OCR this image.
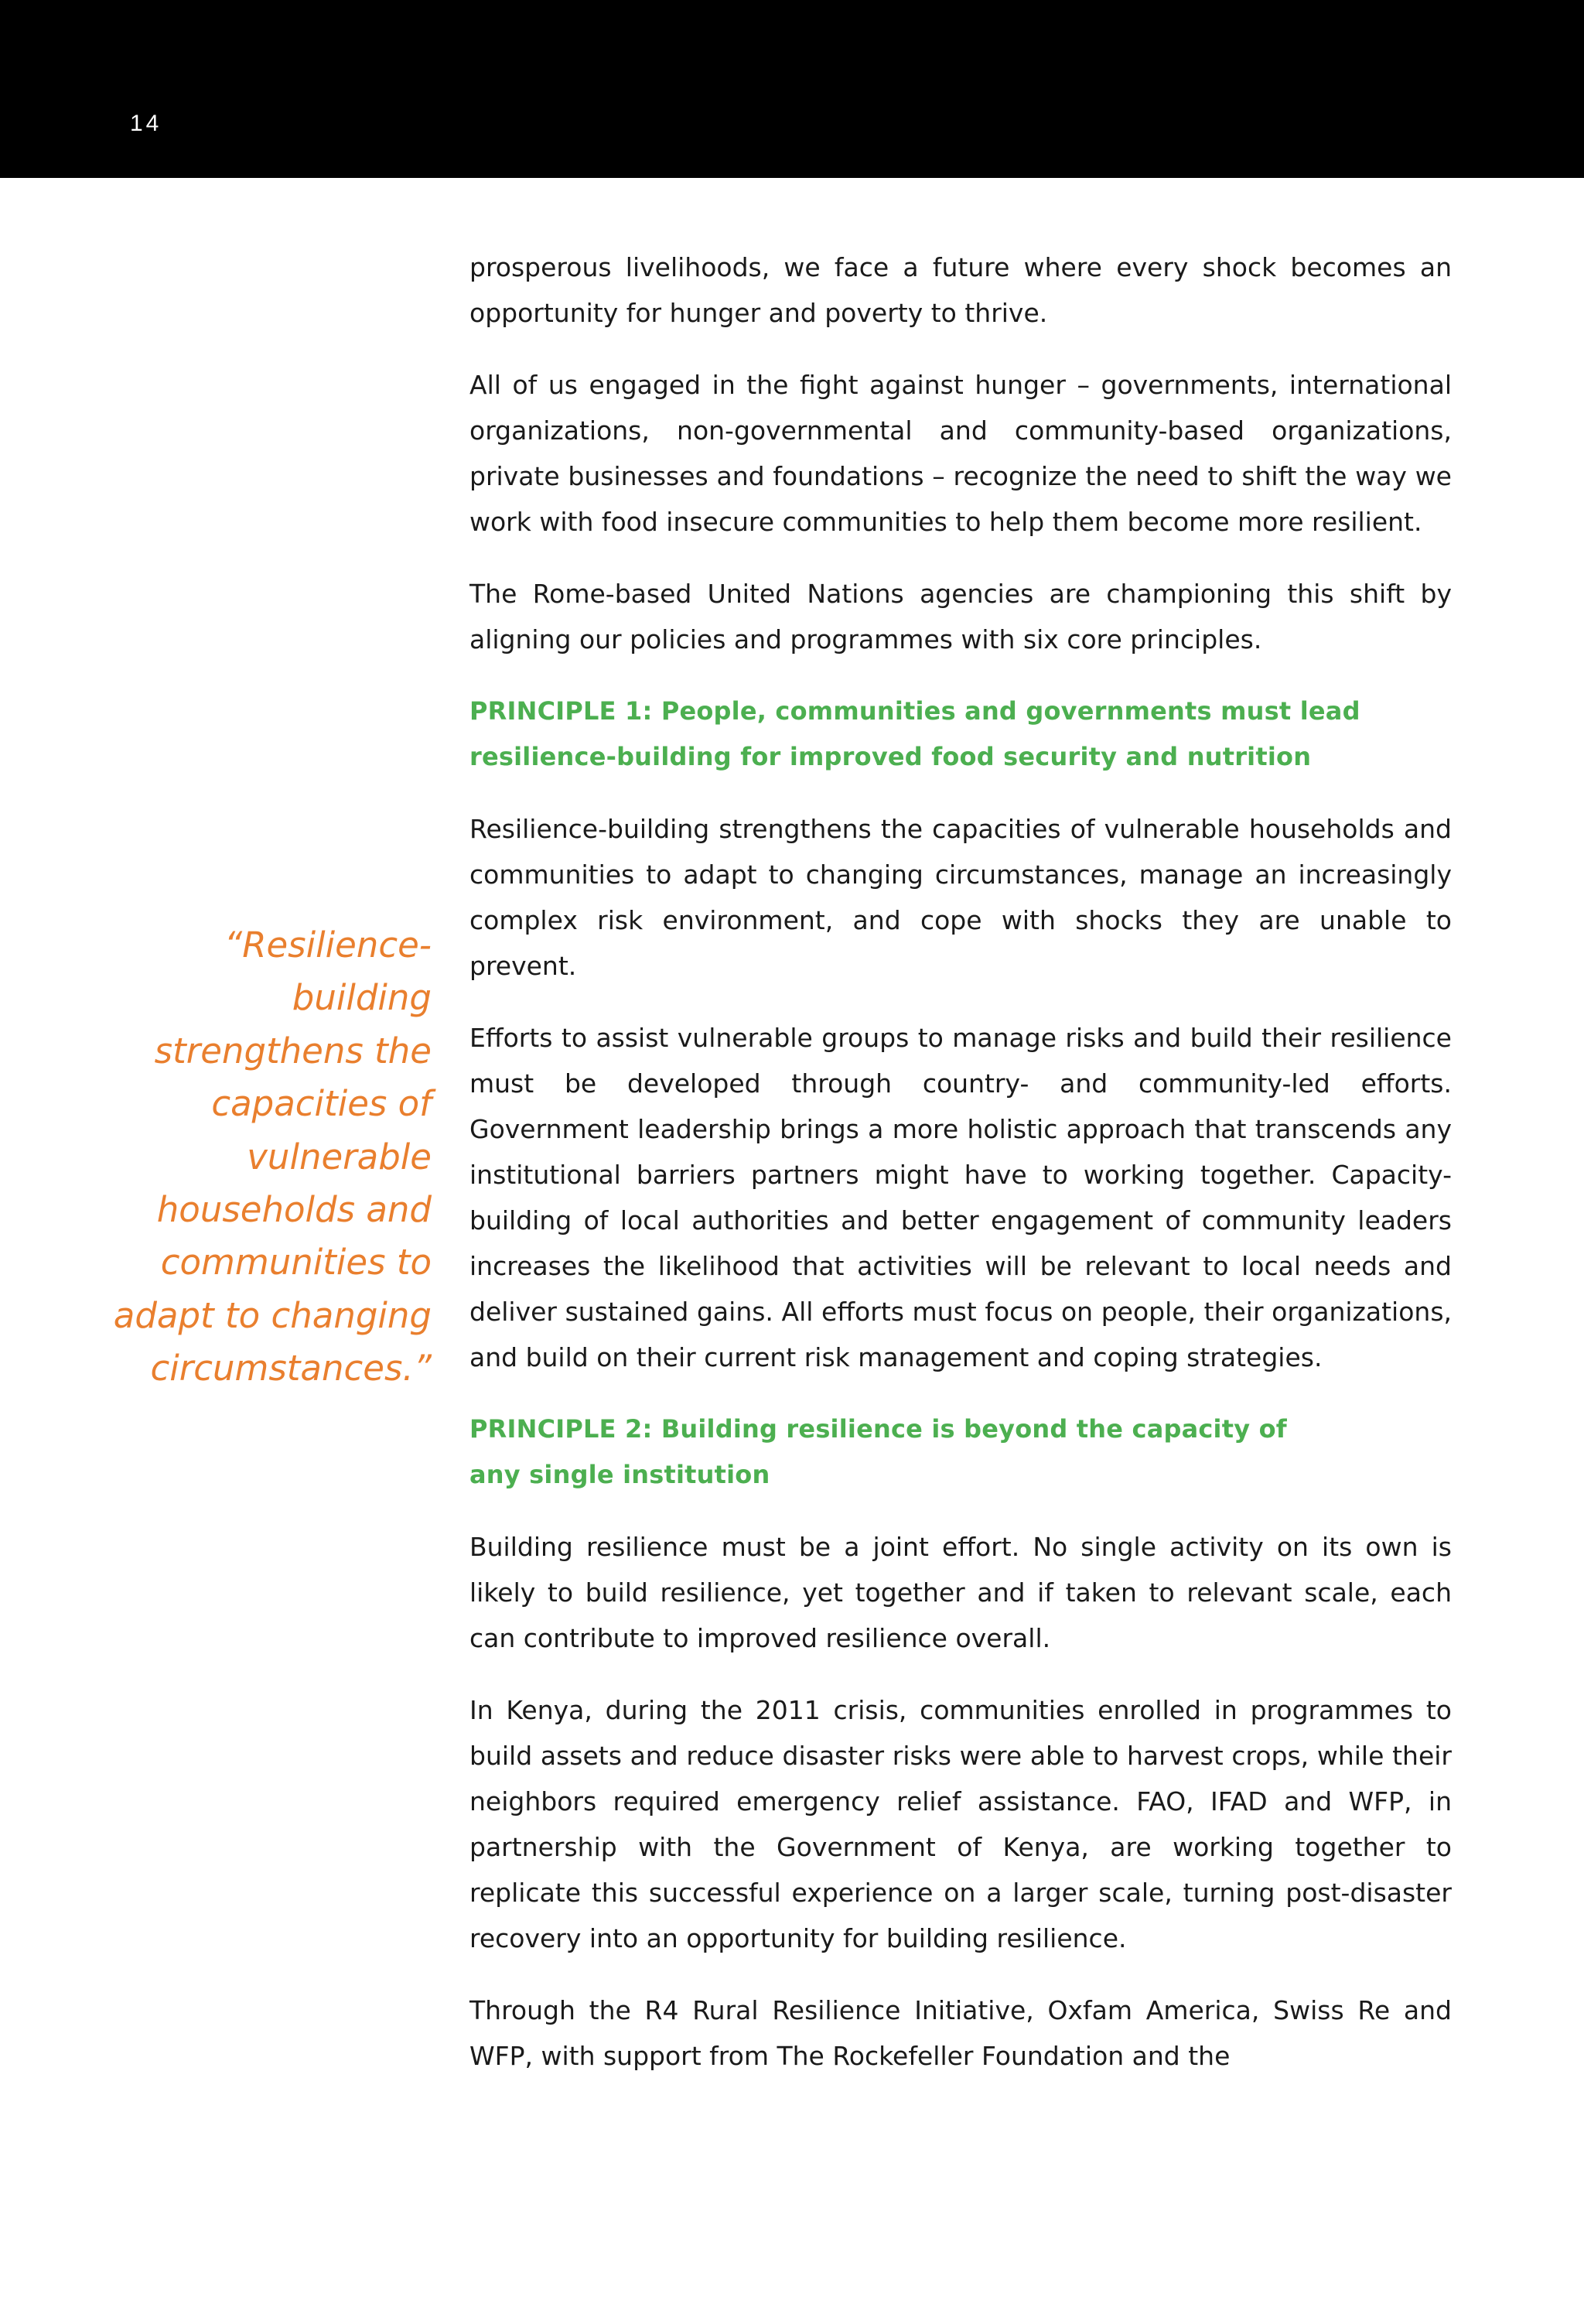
14
“Resilience-building strengthens the capacities of vulnerable households and communities to adapt to changing circumstances.”

prosperous livelihoods, we face a future where every shock becomes an opportunity for hunger and poverty to thrive.

All of us engaged in the fight against hunger – governments, international organizations, non-governmental and community-based organizations, private businesses and foundations – recognize the need to shift the way we work with food insecure communities to help them become more resilient.

The Rome-based United Nations agencies are championing this shift by aligning our policies and programmes with six core principles.

PRINCIPLE 1: People, communities and governments must lead
resilience-building for improved food security and nutrition

Resilience-building strengthens the capacities of vulnerable households and communities to adapt to changing circumstances, manage an increasingly complex risk environment, and cope with shocks they are unable to prevent.

Efforts to assist vulnerable groups to manage risks and build their resilience must be developed through country- and community-led efforts. Government leadership brings a more holistic approach that transcends any institutional barriers partners might have to working together. Capacity-building of local authorities and better engagement of community leaders increases the likelihood that activities will be relevant to local needs and deliver sustained gains. All efforts must focus on people, their organizations, and build on their current risk management and coping strategies.

PRINCIPLE 2: Building resilience is beyond the capacity of
any single institution

Building resilience must be a joint effort. No single activity on its own is likely to build resilience, yet together and if taken to relevant scale, each can contribute to improved resilience overall.

In Kenya, during the 2011 crisis, communities enrolled in programmes to build assets and reduce disaster risks were able to harvest crops, while their neighbors required emergency relief assistance. FAO, IFAD and WFP, in partnership with the Government of Kenya, are working together to replicate this successful experience on a larger scale, turning post-disaster recovery into an opportunity for building resilience.

Through the R4 Rural Resilience Initiative, Oxfam America, Swiss Re and WFP, with support from The Rockefeller Foundation and the
